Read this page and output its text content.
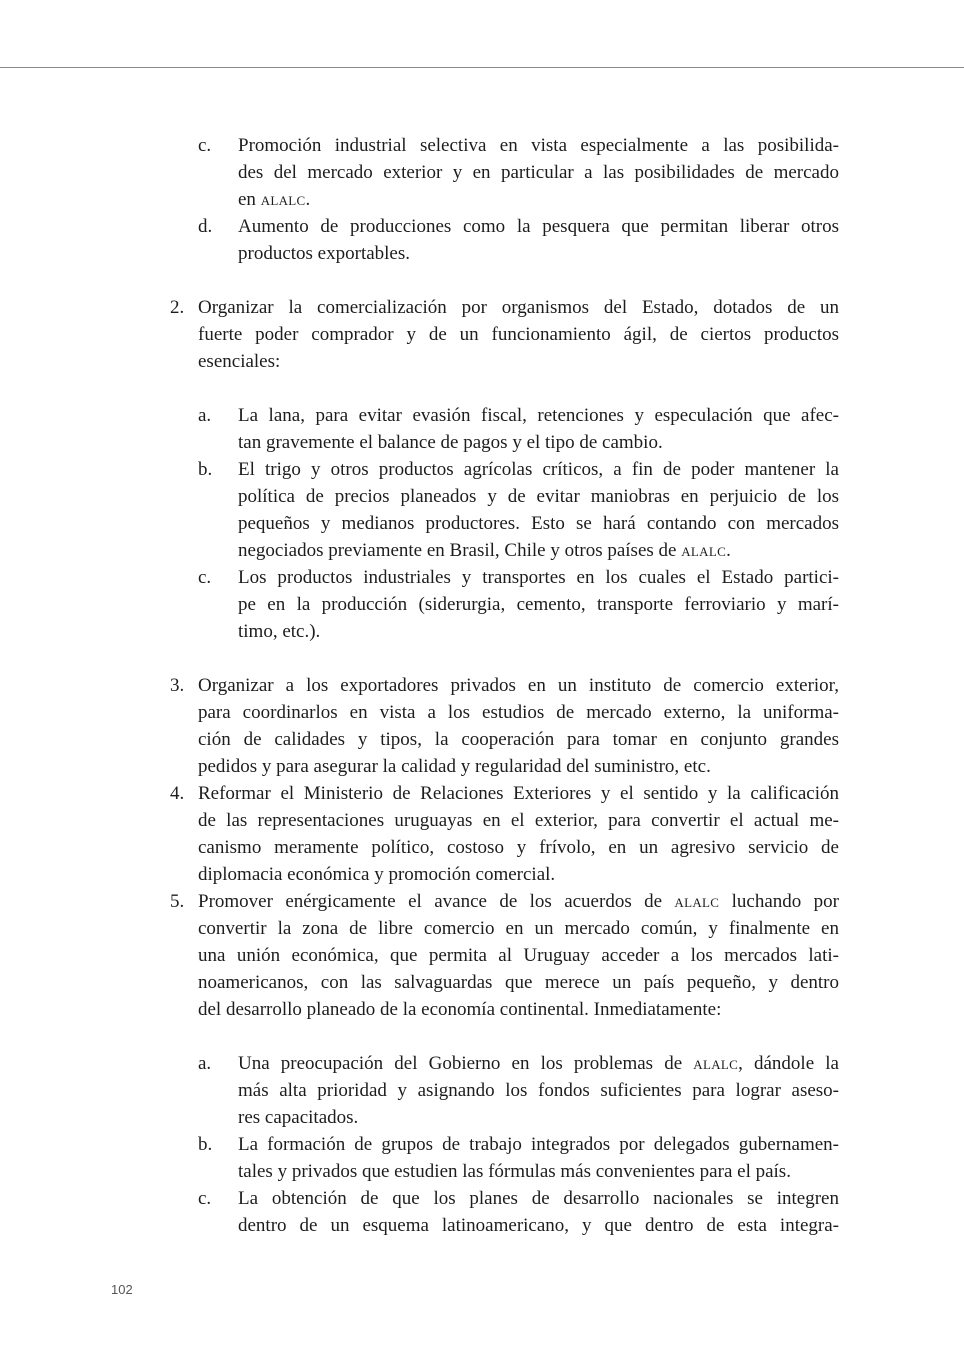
c. Promoción industrial selectiva en vista especialmente a las posibilida-
des del mercado exterior y en particular a las posibilidades de mercado
en alalc.
d. Aumento de producciones como la pesquera que permitan liberar otros
productos exportables.
2. Organizar la comercialización por organismos del Estado, dotados de un
fuerte poder comprador y de un funcionamiento ágil, de ciertos productos
esenciales:
a. La lana, para evitar evasión fiscal, retenciones y especulación que afec-
tan gravemente el balance de pagos y el tipo de cambio.
b. El trigo y otros productos agrícolas críticos, a fin de poder mantener la
política de precios planeados y de evitar maniobras en perjuicio de los
pequeños y medianos productores. Esto se hará contando con mercados
negociados previamente en Brasil, Chile y otros países de alalc.
c. Los productos industriales y transportes en los cuales el Estado partici-
pe en la producción (siderurgia, cemento, transporte ferroviario y marí-
timo, etc.).
3. Organizar a los exportadores privados en un instituto de comercio exterior,
para coordinarlos en vista a los estudios de mercado externo, la uniforma-
ción de calidades y tipos, la cooperación para tomar en conjunto grandes
pedidos y para asegurar la calidad y regularidad del suministro, etc.
4. Reformar el Ministerio de Relaciones Exteriores y el sentido y la calificación
de las representaciones uruguayas en el exterior, para convertir el actual me-
canismo meramente político, costoso y frívolo, en un agresivo servicio de
diplomacia económica y promoción comercial.
5. Promover enérgicamente el avance de los acuerdos de alalc luchando por
convertir la zona de libre comercio en un mercado común, y finalmente en
una unión económica, que permita al Uruguay acceder a los mercados lati-
noamericanos, con las salvaguardas que merece un país pequeño, y dentro
del desarrollo planeado de la economía continental. Inmediatamente:
a. Una preocupación del Gobierno en los problemas de alalc, dándole la
más alta prioridad y asignando los fondos suficientes para lograr aseso-
res capacitados.
b. La formación de grupos de trabajo integrados por delegados gubernamen-
tales y privados que estudien las fórmulas más convenientes para el país.
c. La obtención de que los planes de desarrollo nacionales se integren
dentro de un esquema latinoamericano, y que dentro de esta integra-
102
